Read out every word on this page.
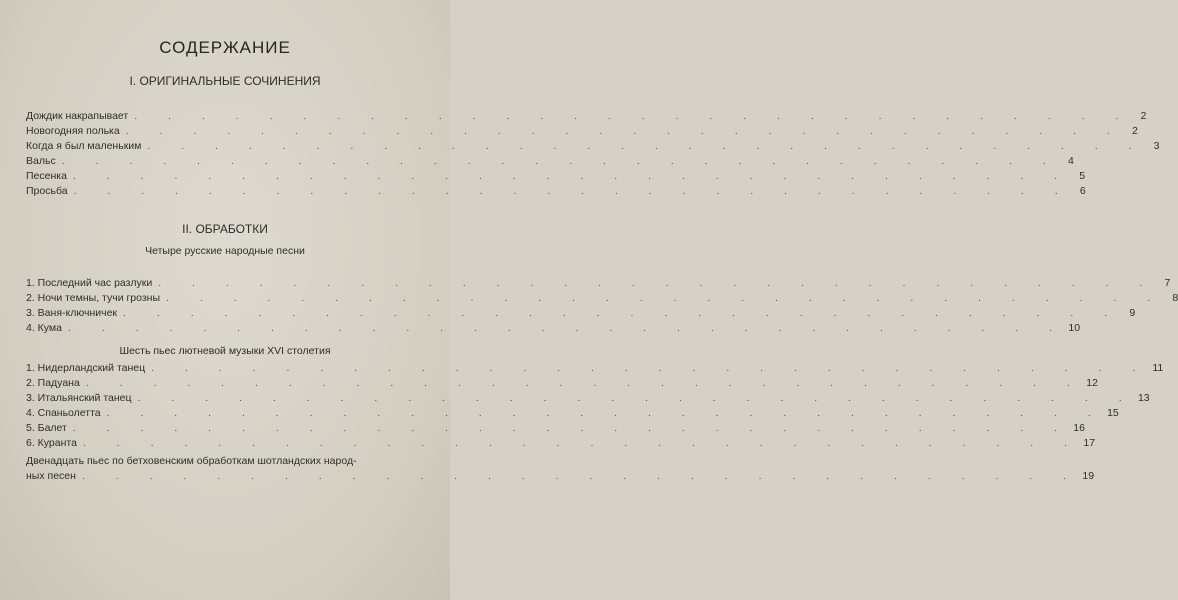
СОДЕРЖАНИЕ
I. ОРИГИНАЛЬНЫЕ СОЧИНЕНИЯ
Дождик накрапывает . . . . . . . . . . . . . . . . . . . . . . . . . . . . . . 2
Новогодняя полька . . . . . . . . . . . . . . . . . . . . . . . . . . . . . . 2
Когда я был маленьким . . . . . . . . . . . . . . . . . . . . . . . . . . . . . . 3
Вальс . . . . . . . . . . . . . . . . . . . . . . . . . . . . . . 4
Песенка . . . . . . . . . . . . . . . . . . . . . . . . . . . . . . 5
Просьба . . . . . . . . . . . . . . . . . . . . . . . . . . . . . . 6
II. ОБРАБОТКИ
Четыре русские народные песни
1. Последний час разлуки . . . . . . . . . . . . . . . . . . . . . . . . . . . . . . 7
2. Ночи темны, тучи грозны . . . . . . . . . . . . . . . . . . . . . . . . . . . . . . 8
3. Ваня-ключничек . . . . . . . . . . . . . . . . . . . . . . . . . . . . . . 9
4. Кума . . . . . . . . . . . . . . . . . . . . . . . . . . . . . . 10
Шесть пьес лютневой музыки XVI столетия
1. Нидерландский танец . . . . . . . . . . . . . . . . . . . . . . . . . . . . . . 11
2. Падуана . . . . . . . . . . . . . . . . . . . . . . . . . . . . . . 12
3. Итальянский танец . . . . . . . . . . . . . . . . . . . . . . . . . . . . . . 13
4. Спаньолетта . . . . . . . . . . . . . . . . . . . . . . . . . . . . . . 15
5. Балет . . . . . . . . . . . . . . . . . . . . . . . . . . . . . . 16
6. Куранта . . . . . . . . . . . . . . . . . . . . . . . . . . . . . . 17
Двенадцать пьес по бетховенским обработкам шотландских народ-
ных песен . . . . . . . . . . . . . . . . . . . . . . . . . . . . . . 19
